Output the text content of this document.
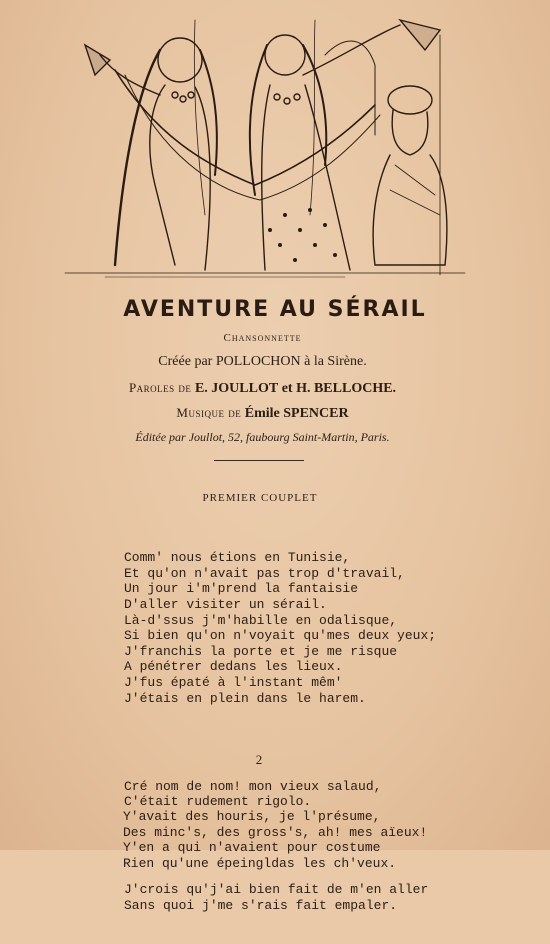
AVENTURE AU SÉRAIL
Chansonnette
Créée par POLLOCHON à la Sirène.
Paroles de E. JOULLOT et H. BELLOCHE.
Musique de Émile SPENCER
Éditée par Joullot, 52, faubourg Saint-Martin, Paris.
PREMIER COUPLET

Comm' nous étions en Tunisie,
Et qu'on n'avait pas trop d'travail,
Un jour i'm'prend la fantaisie
D'aller visiter un sérail.
Là-d'ssus j'm'habille en odalisque,
Si bien qu'on n'voyait qu'mes deux yeux;
J'franchis la porte et je me risque
A pénétrer dedans les lieux.
J'fus épaté à l'instant mêm'
J'étais en plein dans le harem.

Cré nom de nom! mon vieux salaud,
C'était rudement rigolo.

J'crois qu'j'ai bien fait de m'en aller
Sans quoi j'me s'rais fait empaler.

2

Y'avait des houris, je l'présume,
Des minc's, des gross's, ah! mes aïeux!
Y'en a qui n'avaient pour costume
Rien qu'une épeingldas les ch'veux.
